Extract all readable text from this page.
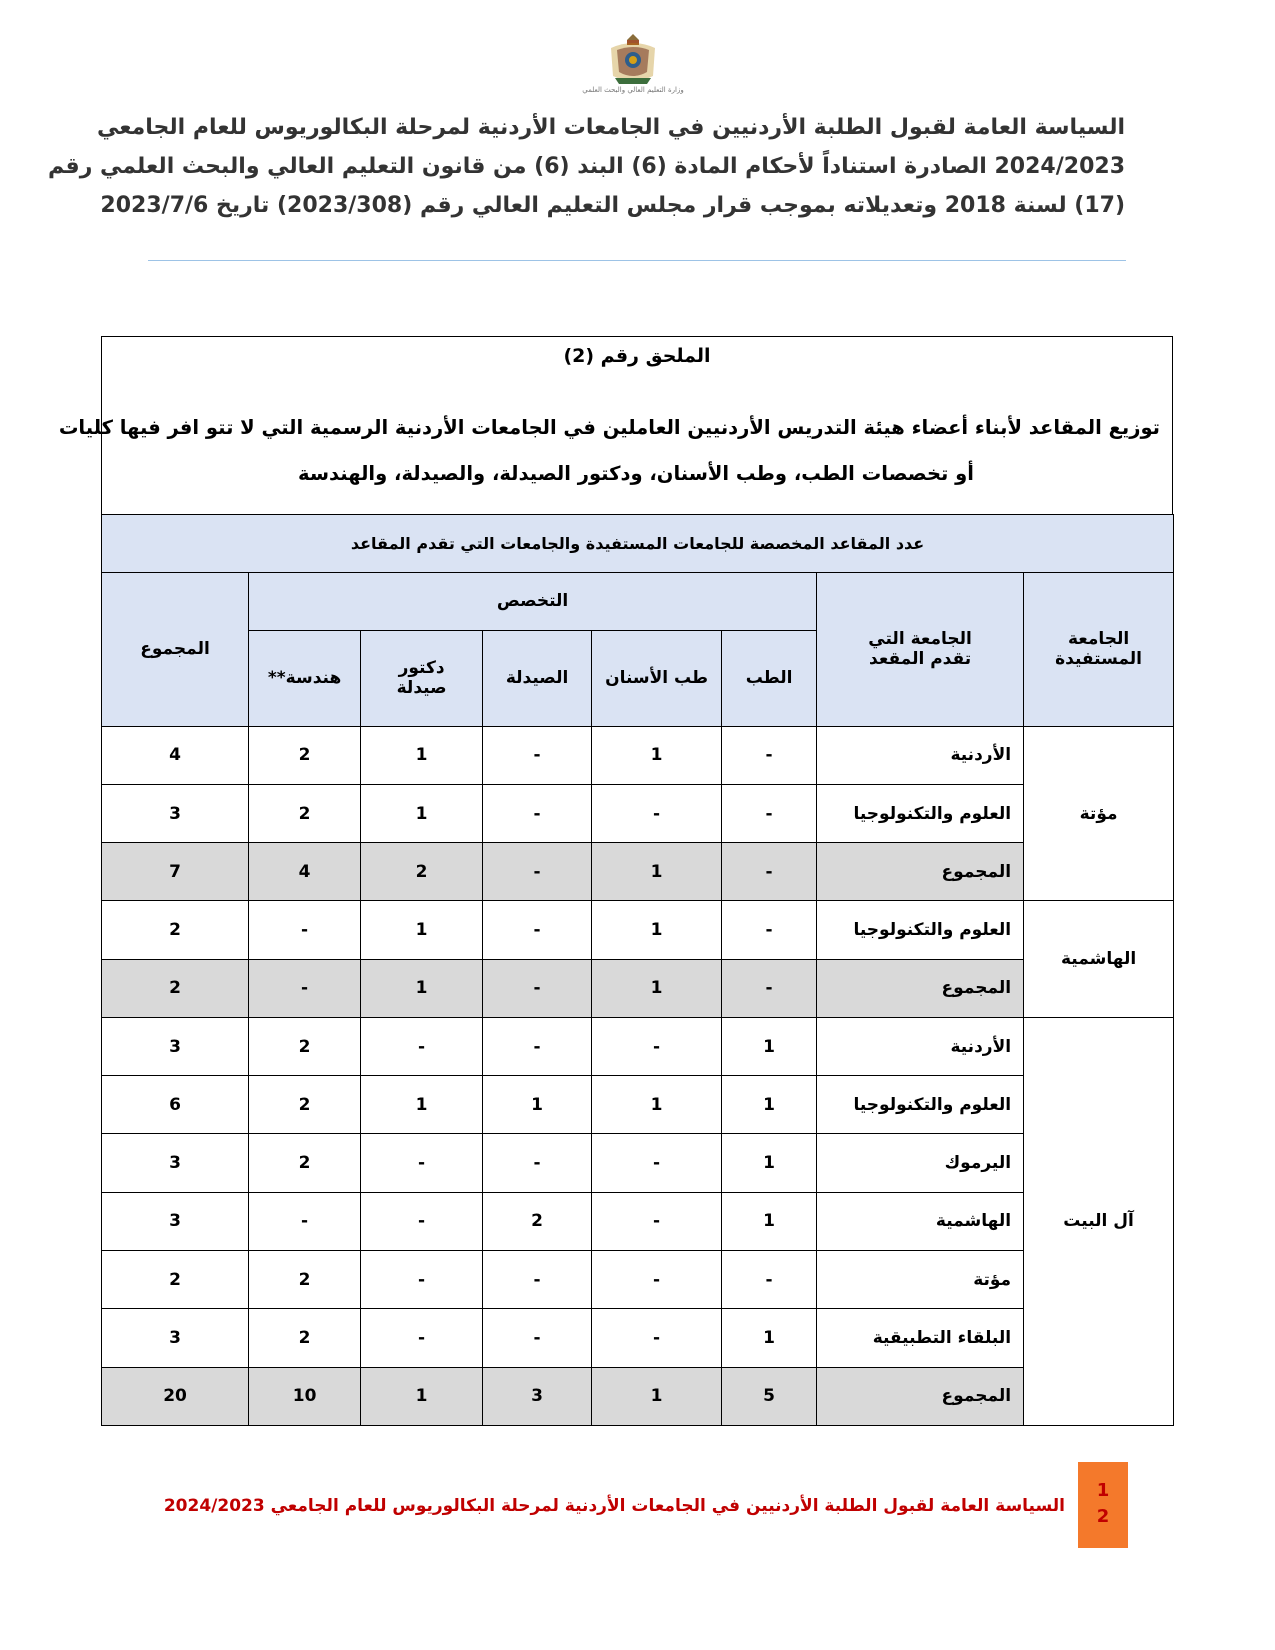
وزارة التعليم العالي والبحث العلمي
السياسة العامة لقبول الطلبة الأردنيين في الجامعات الأردنية لمرحلة البكالوريوس للعام الجامعي
2024/2023 الصادرة استناداً لأحكام المادة (6) البند (6) من قانون التعليم العالي والبحث العلمي رقم
(17) لسنة 2018 وتعديلاته بموجب قرار مجلس التعليم العالي رقم (2023/308) تاريخ 2023/7/6
الملحق رقم (2)
توزيع المقاعد لأبناء أعضاء هيئة التدريس الأردنيين العاملين في الجامعات الأردنية الرسمية التي لا تتو افر فيها كليات
أو تخصصات الطب، وطب الأسنان، ودكتور الصيدلة، والصيدلة، والهندسة
عدد المقاعد المخصصة للجامعات المستفيدة والجامعات التي تقدم المقاعد							
الجامعة المستفيدة	الجامعة التي تقدم المقعد	التخصص					المجموع
		الطب	طب الأسنان	الصيدلة	دكتور صيدلة	هندسة**	
مؤتة	الأردنية	-	1	-	1	2	4
	العلوم والتكنولوجيا	-	-	-	1	2	3
	المجموع	-	1	-	2	4	7
الهاشمية	العلوم والتكنولوجيا	-	1	-	1	-	2
	المجموع	-	1	-	1	-	2
آل البيت	الأردنية	1	-	-	-	2	3
	العلوم والتكنولوجيا	1	1	1	1	2	6
	اليرموك	1	-	-	-	2	3
	الهاشمية	1	-	2	-	-	3
	مؤتة	-	-	-	-	2	2
	البلقاء التطبيقية	1	-	-	-	2	3
	المجموع	5	1	3	1	10	20
السياسة العامة لقبول الطلبة الأردنيين في الجامعات الأردنية لمرحلة البكالوريوس للعام الجامعي 2024/2023
1
2
